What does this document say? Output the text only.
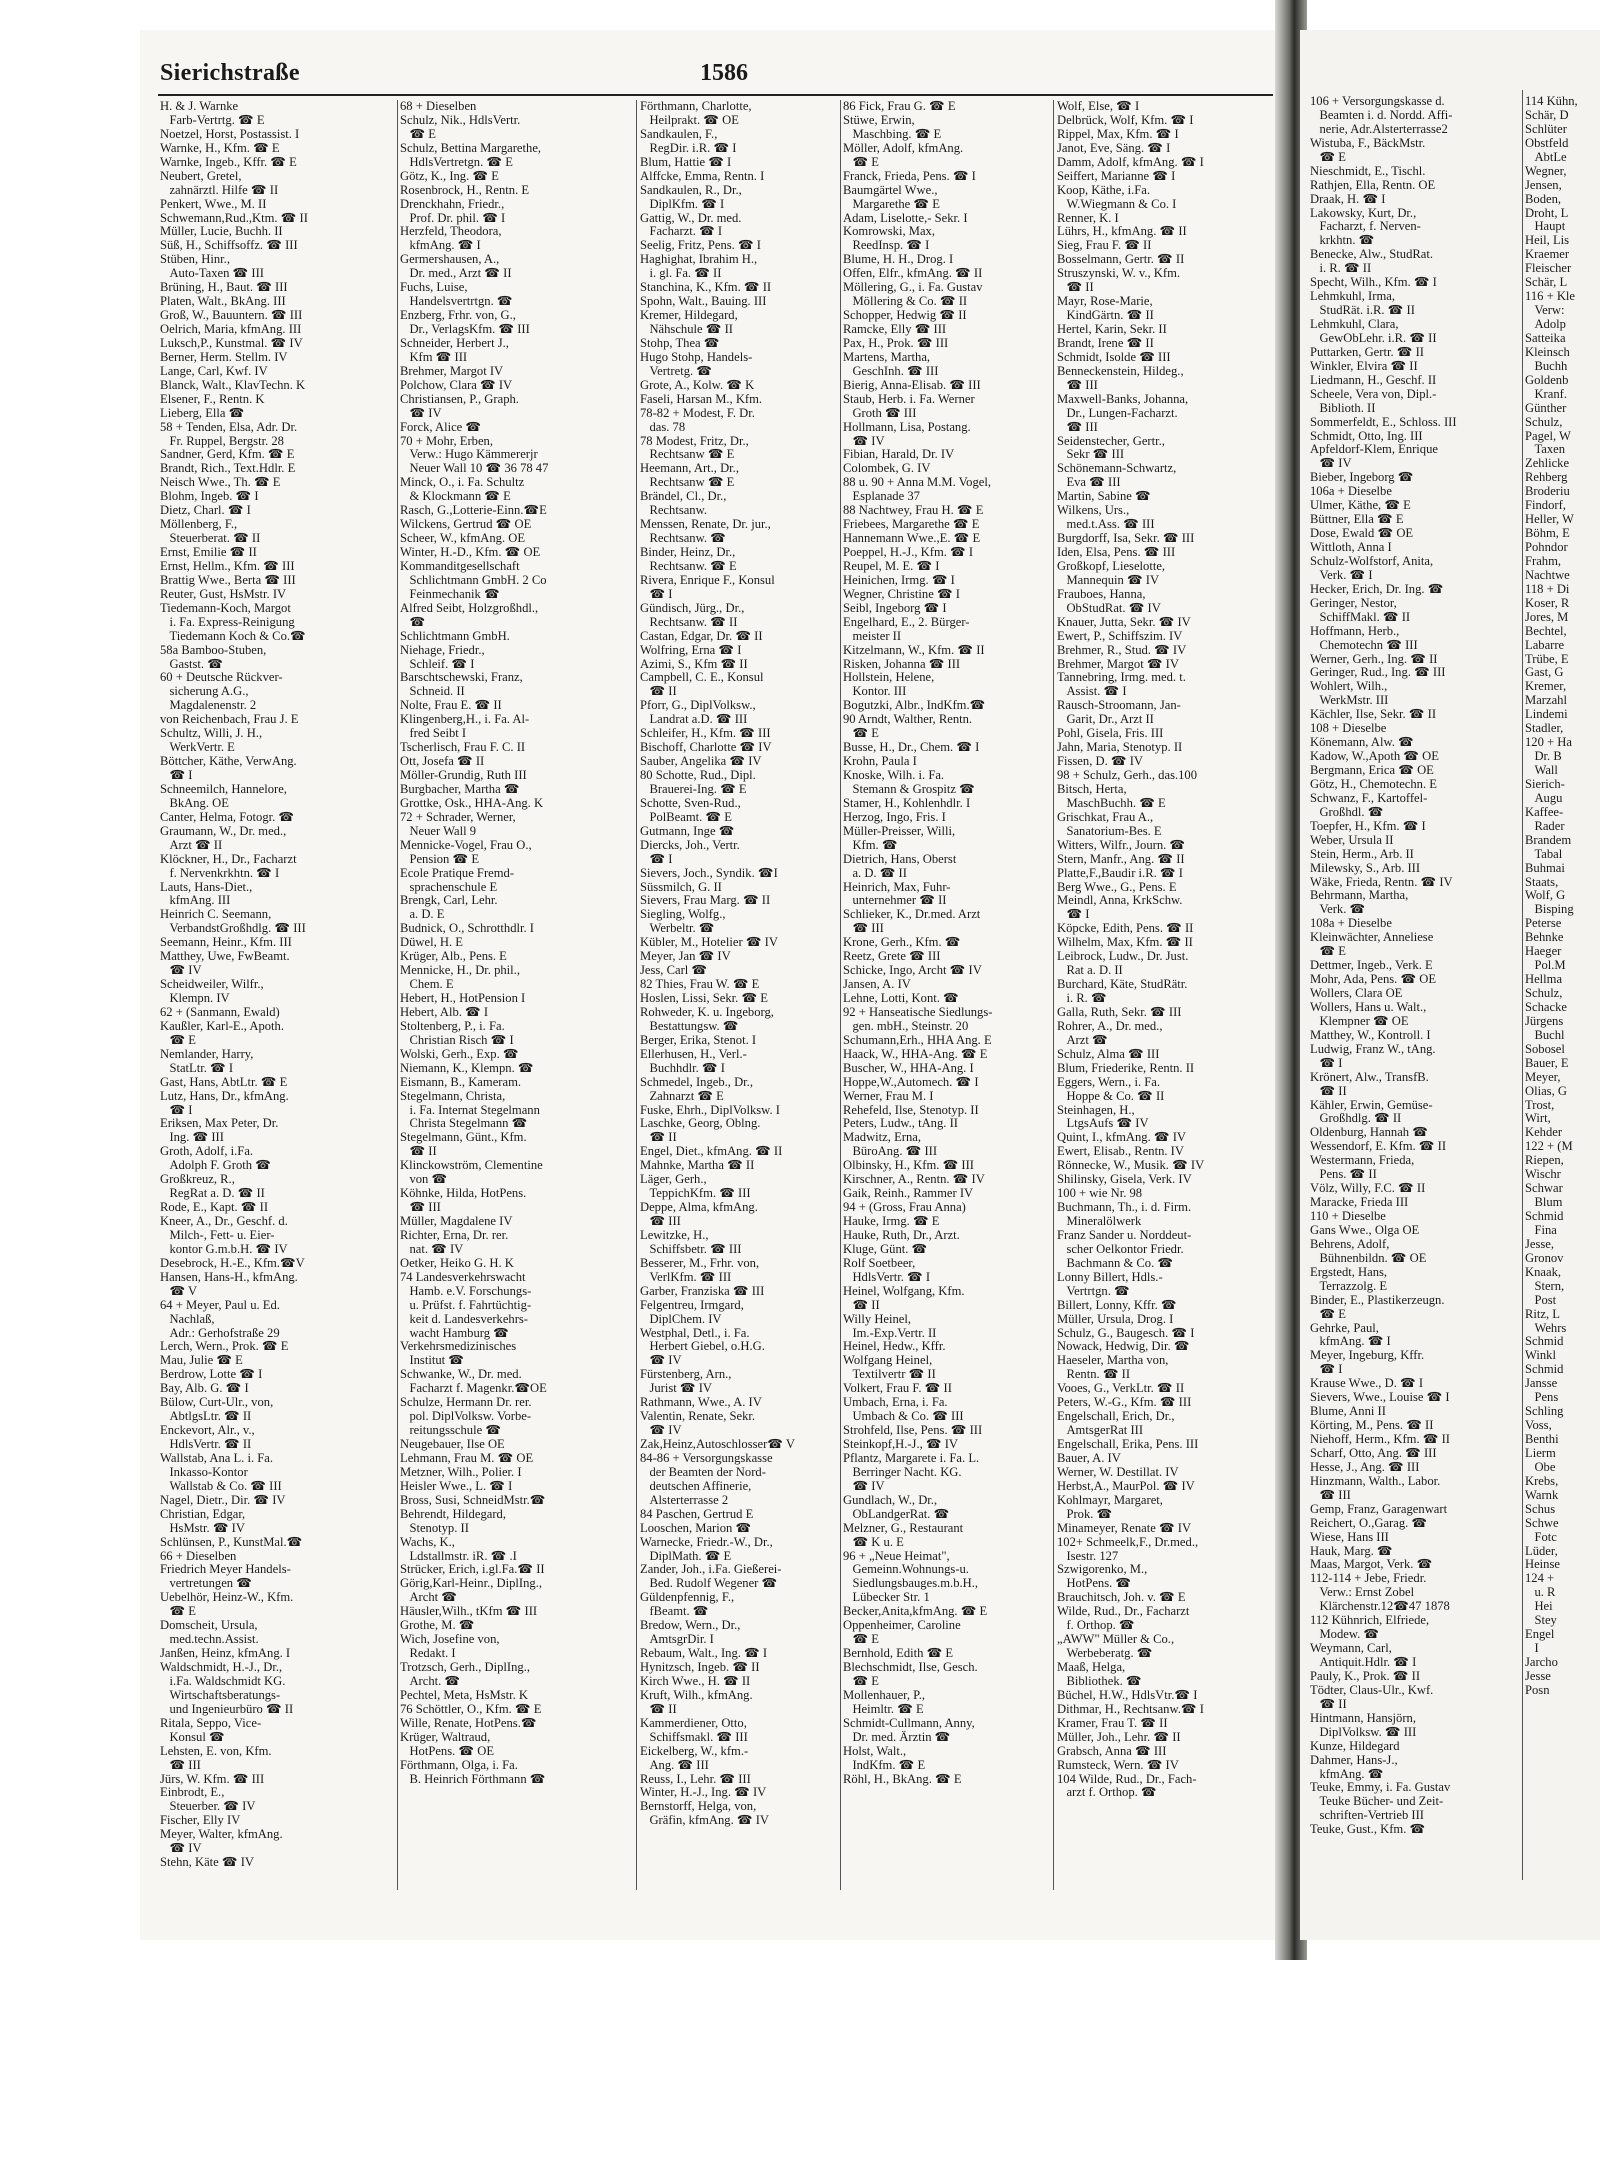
Sierichstraße	1586
H. & J. Warnke
Farb-Vertrtg. ☎ E
Noetzel, Horst, Postassist. I
Warnke, H., Kfm. ☎ E
Warnke, Ingeb., Kffr. ☎ E
Neubert, Gretel,
zahnärztl. Hilfe ☎ II
Penkert, Wwe., M. II
Schwemann,Rud.,Ktm. ☎ II
Müller, Lucie, Buchh. II
Süß, H., Schiffsoffz. ☎ III
Stüben, Hinr.,
Auto-Taxen ☎ III
Brüning, H., Baut. ☎ III
Platen, Walt., BkAng. III
Groß, W., Bauuntern. ☎ III
Oelrich, Maria, kfmAng. III
Luksch,P., Kunstmal. ☎ IV
Berner, Herm. Stellm. IV
Lange, Carl, Kwf. IV
Blanck, Walt., KlavTechn. K
Elsener, F., Rentn. K
Lieberg, Ella ☎
58 + Tenden, Elsa, Adr. Dr.
Fr. Ruppel, Bergstr. 28
Sandner, Gerd, Kfm. ☎ E
Brandt, Rich., Text.Hdlr. E
Neisch Wwe., Th. ☎ E
Blohm, Ingeb. ☎ I
Dietz, Charl. ☎ I
Möllenberg, F.,
Steuerberat. ☎ II
Ernst, Emilie ☎ II
Ernst, Hellm., Kfm. ☎ III
Brattig Wwe., Berta ☎ III
Reuter, Gust, HsMstr. IV
Tiedemann-Koch, Margot
i. Fa. Express-Reinigung
Tiedemann Koch & Co.☎
58a Bamboo-Stuben,
Gastst. ☎
60 + Deutsche Rückver-
sicherung A.G.,
Magdalenenstr. 2
von Reichenbach, Frau J. E
Schultz, Willi, J. H.,
WerkVertr. E
Böttcher, Käthe, VerwAng.
☎ I
Schneemilch, Hannelore,
BkAng. OE
Canter, Helma, Fotogr. ☎
Graumann, W., Dr. med.,
Arzt ☎ II
Klöckner, H., Dr., Facharzt
f. Nervenkrkhtn. ☎ I
Lauts, Hans-Diet.,
kfmAng. III
Heinrich C. Seemann,
VerbandstGroßhdlg. ☎ III
Seemann, Heinr., Kfm. III
Matthey, Uwe, FwBeamt.
☎ IV
Scheidweiler, Wilfr.,
Klempn. IV
62 + (Sanmann, Ewald)
Kaußler, Karl-E., Apoth.
☎ E
Nemlander, Harry,
StatLtr. ☎ I
Gast, Hans, AbtLtr. ☎ E
Lutz, Hans, Dr., kfmAng.
☎ I
Eriksen, Max Peter, Dr.
Ing. ☎ III
Groth, Adolf, i.Fa.
Adolph F. Groth ☎
Großkreuz, R.,
RegRat a. D. ☎ II
Rode, E., Kapt. ☎ II
Kneer, A., Dr., Geschf. d.
Milch-, Fett- u. Eier-
kontor G.m.b.H. ☎ IV
Desebrock, H.-E., Kfm.☎V
Hansen, Hans-H., kfmAng.
☎ V
64 + Meyer, Paul u. Ed.
Nachlaß,
Adr.: Gerhofstraße 29
Lerch, Wern., Prok. ☎ E
Mau, Julie ☎ E
Berdrow, Lotte ☎ I
Bay, Alb. G. ☎ I
Bülow, Curt-Ulr., von,
AbtlgsLtr. ☎ II
Enckevort, Alr., v.,
HdlsVertr. ☎ II
Wallstab, Ana L. i. Fa.
Inkasso-Kontor
Wallstab & Co. ☎ III
Nagel, Dietr., Dir. ☎ IV
Christian, Edgar,
HsMstr. ☎ IV
Schlünsen, P., KunstMal.☎
66 + Dieselben
Friedrich Meyer Handels-
vertretungen ☎
Uebelhör, Heinz-W., Kfm.
☎ E
Domscheit, Ursula,
med.techn.Assist.
Janßen, Heinz, kfmAng. I
Waldschmidt, H.-J., Dr.,
i.Fa. Waldschmidt KG.
Wirtschaftsberatungs-
und Ingenieurbüro ☎ II
Ritala, Seppo, Vice-
Konsul ☎
Lehsten, E. von, Kfm.
☎ III
Jürs, W. Kfm. ☎ III
Einbrodt, E.,
Steuerber. ☎ IV
Fischer, Elly IV
Meyer, Walter, kfmAng.
☎ IV
Stehn, Käte ☎ IV
68 + Dieselben
Schulz, Nik., HdlsVertr.
☎ E
Schulz, Bettina Margarethe,
HdlsVertretgn. ☎ E
Götz, K., Ing. ☎ E
Rosenbrock, H., Rentn. E
Drenckhahn, Friedr.,
Prof. Dr. phil. ☎ I
Herzfeld, Theodora,
kfmAng. ☎ I
Germershausen, A.,
Dr. med., Arzt ☎ II
Fuchs, Luise,
Handelsvertrtgn. ☎
Enzberg, Frhr. von, G.,
Dr., VerlagsKfm. ☎ III
Schneider, Herbert J.,
Kfm ☎ III
Brehmer, Margot IV
Polchow, Clara ☎ IV
Christiansen, P., Graph.
☎ IV
Forck, Alice ☎
70 + Mohr, Erben,
Verw.: Hugo Kämmererjr
Neuer Wall 10 ☎ 36 78 47
Minck, O., i. Fa. Schultz
& Klockmann ☎ E
Rasch, G.,Lotterie-Einn.☎E
Wilckens, Gertrud ☎ OE
Scheer, W., kfmAng. OE
Winter, H.-D., Kfm. ☎ OE
Kommanditgesellschaft
Schlichtmann GmbH. 2 Co
Feinmechanik ☎
Alfred Seibt, Holzgroßhdl.,
☎
Schlichtmann GmbH.
Niehage, Friedr.,
Schleif. ☎ I
Barschtschewski, Franz,
Schneid. II
Nolte, Frau E. ☎ II
Klingenberg,H., i. Fa. Al-
fred Seibt I
Tscherlisch, Frau F. C. II
Ott, Josefa ☎ II
Möller-Grundig, Ruth III
Burgbacher, Martha ☎
Grottke, Osk., HHA-Ang. K
72 + Schrader, Werner,
Neuer Wall 9
Mennicke-Vogel, Frau O.,
Pension ☎ E
Ecole Pratique Fremd-
sprachenschule E
Brengk, Carl, Lehr.
a. D. E
Budnick, O., Schrotthdlr. I
Düwel, H. E
Krüger, Alb., Pens. E
Mennicke, H., Dr. phil.,
Chem. E
Hebert, H., HotPension I
Hebert, Alb. ☎ I
Stoltenberg, P., i. Fa.
Christian Risch ☎ I
Wolski, Gerh., Exp. ☎
Niemann, K., Klempn. ☎
Eismann, B., Kameram.
Stegelmann, Christa,
i. Fa. Internat Stegelmann
Christa Stegelmann ☎
Stegelmann, Günt., Kfm.
☎ II
Klinckowström, Clementine
von ☎
Köhnke, Hilda, HotPens.
☎ III
Müller, Magdalene IV
Richter, Erna, Dr. rer.
nat. ☎ IV
Oetker, Heiko G. H. K
74 Landesverkehrswacht
Hamb. e.V. Forschungs-
u. Prüfst. f. Fahrtüchtig-
keit d. Landesverkehrs-
wacht Hamburg ☎
Verkehrsmedizinisches
Institut ☎
Schwanke, W., Dr. med.
Facharzt f. Magenkr.☎OE
Schulze, Hermann Dr. rer.
pol. DiplVolksw. Vorbe-
reitungsschule ☎
Neugebauer, Ilse OE
Lehmann, Frau M. ☎ OE
Metzner, Wilh., Polier. I
Heisler Wwe., L. ☎ I
Bross, Susi, SchneidMstr.☎
Behrendt, Hildegard,
Stenotyp. II
Wachs, K.,
Ldstallmstr. iR. ☎ .I
Strücker, Erich, i.gl.Fa.☎ II
Görig,Karl-Heinr., DiplIng.,
Archt ☎
Häusler,Wilh., tKfm ☎ III
Grothe, M. ☎
Wich, Josefine von,
Redakt. I
Trotzsch, Gerh., DiplIng.,
Archt. ☎
Pechtel, Meta, HsMstr. K
76 Schöttler, O., Kfm. ☎ E
Wille, Renate, HotPens.☎
Krüger, Waltraud,
HotPens. ☎ OE
Förthmann, Olga, i. Fa.
B. Heinrich Förthmann ☎
Förthmann, Charlotte,
Heilprakt. ☎ OE
Sandkaulen, F.,
RegDir. i.R. ☎ I
Blum, Hattie ☎ I
Alffcke, Emma, Rentn. I
Sandkaulen, R., Dr.,
DiplKfm. ☎ I
Gattig, W., Dr. med.
Facharzt. ☎ I
Seelig, Fritz, Pens. ☎ I
Haghighat, Ibrahim H.,
i. gl. Fa. ☎ II
Stanchina, K., Kfm. ☎ II
Spohn, Walt., Bauing. III
Kremer, Hildegard,
Nähschule ☎ II
Stohp, Thea ☎
Hugo Stohp, Handels-
Vertretg. ☎
Grote, A., Kolw. ☎ K
Faseli, Harsan M., Kfm.
78-82 + Modest, F. Dr.
das. 78
78 Modest, Fritz, Dr.,
Rechtsanw ☎ E
Heemann, Art., Dr.,
Rechtsanw ☎ E
Brändel, Cl., Dr.,
Rechtsanw.
Menssen, Renate, Dr. jur.,
Rechtsanw. ☎
Binder, Heinz, Dr.,
Rechtsanw. ☎ E
Rivera, Enrique F., Konsul
☎ I
Gündisch, Jürg., Dr.,
Rechtsanw. ☎ II
Castan, Edgar, Dr. ☎ II
Wolfring, Erna ☎ I
Azimi, S., Kfm ☎ II
Campbell, C. E., Konsul
☎ II
Pforr, G., DiplVolksw.,
Landrat a.D. ☎ III
Schleifer, H., Kfm. ☎ III
Bischoff, Charlotte ☎ IV
Sauber, Angelika ☎ IV
80 Schotte, Rud., Dipl.
Brauerei-Ing. ☎ E
Schotte, Sven-Rud.,
PolBeamt. ☎ E
Gutmann, Inge ☎
Diercks, Joh., Vertr.
☎ I
Sievers, Joch., Syndik. ☎I
Süssmilch, G. II
Sievers, Frau Marg. ☎ II
Siegling, Wolfg.,
Werbeltr. ☎
Kübler, M., Hotelier ☎ IV
Meyer, Jan ☎ IV
Jess, Carl ☎
82 Thies, Frau W. ☎ E
Hoslen, Lissi, Sekr. ☎ E
Rohweder, K. u. Ingeborg,
Bestattungsw. ☎
Berger, Erika, Stenot. I
Ellerhusen, H., Verl.-
Buchhdlr. ☎ I
Schmedel, Ingeb., Dr.,
Zahnarzt ☎ E
Fuske, Ehrh., DiplVolksw. I
Laschke, Georg, Oblng.
☎ II
Engel, Diet., kfmAng. ☎ II
Mahnke, Martha ☎ II
Läger, Gerh.,
TeppichKfm. ☎ III
Deppe, Alma, kfmAng.
☎ III
Lewitzke, H.,
Schiffsbetr. ☎ III
Besserer, M., Frhr. von,
VerlKfm. ☎ III
Garber, Franziska ☎ III
Felgentreu, Irmgard,
DiplChem. IV
Westphal, Detl., i. Fa.
Herbert Giebel, o.H.G.
☎ IV
Fürstenberg, Arn.,
Jurist ☎ IV
Rathmann, Wwe., A. IV
Valentin, Renate, Sekr.
☎ IV
Zak,Heinz,Autoschlosser☎ V
84-86 + Versorgungskasse
der Beamten der Nord-
deutschen Affinerie,
Alsterterrasse 2
84 Paschen, Gertrud E
Looschen, Marion ☎
Warnecke, Friedr.-W., Dr.,
DiplMath. ☎ E
Zander, Joh., i.Fa. Gießerei-
Bed. Rudolf Wegener ☎
Güldenpfennig, F.,
fBeamt. ☎
Bredow, Wern., Dr.,
AmtsgrDir. I
Rebaum, Walt., Ing. ☎ I
Hynitzsch, Ingeb. ☎ II
Kirch Wwe., H. ☎ II
Kruft, Wilh., kfmAng.
☎ II
Kammerdiener, Otto,
Schiffsmakl. ☎ III
Eickelberg, W., kfm.-
Ang. ☎ III
Reuss, I., Lehr. ☎ III
Winter, H.-J., Ing. ☎ IV
Bernstorff, Helga, von,
Gräfin, kfmAng. ☎ IV
86 Fick, Frau G. ☎ E
Stüwe, Erwin,
Maschbing. ☎ E
Möller, Adolf, kfmAng.
☎ E
Franck, Frieda, Pens. ☎ I
Baumgärtel Wwe.,
Margarethe ☎ E
Adam, Liselotte,- Sekr. I
Komrowski, Max,
ReedInsp. ☎ I
Blume, H. H., Drog. I
Offen, Elfr., kfmAng. ☎ II
Möllering, G., i. Fa. Gustav
Möllering & Co. ☎ II
Schopper, Hedwig ☎ II
Ramcke, Elly ☎ III
Pax, H., Prok. ☎ III
Martens, Martha,
GeschInh. ☎ III
Bierig, Anna-Elisab. ☎ III
Staub, Herb. i. Fa. Werner
Groth ☎ III
Hollmann, Lisa, Postang.
☎ IV
Fibian, Harald, Dr. IV
Colombek, G. IV
88 u. 90 + Anna M.M. Vogel,
Esplanade 37
88 Nachtwey, Frau H. ☎ E
Friebees, Margarethe ☎ E
Hannemann Wwe.,E. ☎ E
Poeppel, H.-J., Kfm. ☎ I
Reupel, M. E. ☎ I
Heinichen, Irmg. ☎ I
Wegner, Christine ☎ I
Seibl, Ingeborg ☎ I
Engelhard, E., 2. Bürger-
meister II
Kitzelmann, W., Kfm. ☎ II
Risken, Johanna ☎ III
Hollstein, Helene,
Kontor. III
Bogutzki, Albr., IndKfm.☎
90 Arndt, Walther, Rentn.
☎ E
Busse, H., Dr., Chem. ☎ I
Krohn, Paula I
Knoske, Wilh. i. Fa.
Stemann & Grospitz ☎
Stamer, H., Kohlenhdlr. I
Herzog, Ingo, Fris. I
Müller-Preisser, Willi,
Kfm. ☎
Dietrich, Hans, Oberst
a. D. ☎ II
Heinrich, Max, Fuhr-
unternehmer ☎ II
Schlieker, K., Dr.med. Arzt
☎ III
Krone, Gerh., Kfm. ☎
Reetz, Grete ☎ III
Schicke, Ingo, Archt ☎ IV
Jansen, A. IV
Lehne, Lotti, Kont. ☎
92 + Hanseatische Siedlungs-
gen. mbH., Steinstr. 20
Schumann,Erh., HHA Ang. E
Haack, W., HHA-Ang. ☎ E
Buscher, W., HHA-Ang. I
Hoppe,W.,Automech. ☎ I
Werner, Frau M. I
Rehefeld, Ilse, Stenotyp. II
Peters, Ludw., tAng. II
Madwitz, Erna,
BüroAng. ☎ III
Olbinsky, H., Kfm. ☎ III
Kirschner, A., Rentn. ☎ IV
Gaik, Reinh., Rammer IV
94 + (Gross, Frau Anna)
Hauke, Irmg. ☎ E
Hauke, Ruth, Dr., Arzt.
Kluge, Günt. ☎
Rolf Soetbeer,
HdlsVertr. ☎ I
Heinel, Wolfgang, Kfm.
☎ II
Willy Heinel,
Im.-Exp.Vertr. II
Heinel, Hedw., Kffr.
Wolfgang Heinel,
Textilvertr ☎ II
Volkert, Frau F. ☎ II
Umbach, Erna, i. Fa.
Umbach & Co. ☎ III
Strohfeld, Ilse, Pens. ☎ III
Steinkopf,H.-J., ☎ IV
Pflantz, Margarete i. Fa. L.
Berringer Nacht. KG.
☎ IV
Gundlach, W., Dr.,
ObLandgerRat. ☎
Melzner, G., Restaurant
☎ K u. E
96 + „Neue Heimat",
Gemeinn.Wohnungs-u.
Siedlungsbauges.m.b.H.,
Lübecker Str. 1
Becker,Anita,kfmAng. ☎ E
Oppenheimer, Caroline
☎ E
Bernhold, Edith ☎ E
Blechschmidt, Ilse, Gesch.
☎ E
Mollenhauer, P.,
Heimltr. ☎ E
Schmidt-Cullmann, Anny,
Dr. med. Ärztin ☎
Holst, Walt.,
IndKfm. ☎ E
Röhl, H., BkAng. ☎ E
Wolf, Else, ☎ I
Delbrück, Wolf, Kfm. ☎ I
Rippel, Max, Kfm. ☎ I
Janot, Eve, Säng. ☎ I
Damm, Adolf, kfmAng. ☎ I
Seiffert, Marianne ☎ I
Koop, Käthe, i.Fa.
W.Wiegmann & Co. I
Renner, K. I
Lührs, H., kfmAng. ☎ II
Sieg, Frau F. ☎ II
Bosselmann, Gertr. ☎ II
Struszynski, W. v., Kfm.
☎ II
Mayr, Rose-Marie,
KindGärtn. ☎ II
Hertel, Karin, Sekr. II
Brandt, Irene ☎ II
Schmidt, Isolde ☎ III
Benneckenstein, Hildeg.,
☎ III
Maxwell-Banks, Johanna,
Dr., Lungen-Facharzt.
☎ III
Seidenstecher, Gertr.,
Sekr ☎ III
Schönemann-Schwartz,
Eva ☎ III
Martin, Sabine ☎
Wilkens, Urs.,
med.t.Ass. ☎ III
Burgdorff, Isa, Sekr. ☎ III
Iden, Elsa, Pens. ☎ III
Großkopf, Lieselotte,
Mannequin ☎ IV
Frauboes, Hanna,
ObStudRat. ☎ IV
Knauer, Jutta, Sekr. ☎ IV
Ewert, P., Schiffszim. IV
Brehmer, R., Stud. ☎ IV
Brehmer, Margot ☎ IV
Tannebring, Irmg. med. t.
Assist. ☎ I
Rausch-Stroomann, Jan-
Garit, Dr., Arzt II
Pohl, Gisela, Fris. III
Jahn, Maria, Stenotyp. II
Fissen, D. ☎ IV
98 + Schulz, Gerh., das.100
Bitsch, Herta,
MaschBuchh. ☎ E
Grischkat, Frau A.,
Sanatorium-Bes. E
Witters, Wilfr., Journ. ☎
Stern, Manfr., Ang. ☎ II
Platte,F.,Baudir i.R. ☎ I
Berg Wwe., G., Pens. E
Meindl, Anna, KrkSchw.
☎ I
Köpcke, Edith, Pens. ☎ II
Wilhelm, Max, Kfm. ☎ II
Leibrock, Ludw., Dr. Just.
Rat a. D. II
Burchard, Käte, StudRätr.
i. R. ☎
Galla, Ruth, Sekr. ☎ III
Rohrer, A., Dr. med.,
Arzt ☎
Schulz, Alma ☎ III
Blum, Friederike, Rentn. II
Eggers, Wern., i. Fa.
Hoppe & Co. ☎ II
Steinhagen, H.,
LtgsAufs ☎ IV
Quint, I., kfmAng. ☎ IV
Ewert, Elisab., Rentn. IV
Rönnecke, W., Musik. ☎ IV
Shilinsky, Gisela, Verk. IV
100 + wie Nr. 98
Buchmann, Th., i. d. Firm.
Mineralölwerk
Franz Sander u. Norddeut-
scher Oelkontor Friedr.
Bachmann & Co. ☎
Lonny Billert, Hdls.-
Vertrtgn. ☎
Billert, Lonny, Kffr. ☎
Müller, Ursula, Drog. I
Schulz, G., Baugesch. ☎ I
Nowack, Hedwig, Dir. ☎
Haeseler, Martha von,
Rentn. ☎ II
Vooes, G., VerkLtr. ☎ II
Peters, W.-G., Kfm. ☎ III
Engelschall, Erich, Dr.,
AmtsgerRat III
Engelschall, Erika, Pens. III
Bauer, A. IV
Werner, W. Destillat. IV
Herbst,A., MaurPol. ☎ IV
Kohlmayr, Margaret,
Prok. ☎
Minameyer, Renate ☎ IV
102+ Schmeelk,F., Dr.med.,
Isestr. 127
Szwigorenko, M.,
HotPens. ☎
Brauchitsch, Joh. v. ☎ E
Wilde, Rud., Dr., Facharzt
f. Orthop. ☎
„AWW" Müller & Co.,
Werbeberatg. ☎
Maaß, Helga,
Bibliothek. ☎
Büchel, H.W., HdlsVtr.☎ I
Dithmar, H., Rechtsanw.☎ I
Kramer, Frau T. ☎ II
Müller, Joh., Lehr. ☎ II
Grabsch, Anna ☎ III
Rumsteck, Wern. ☎ IV
104 Wilde, Rud., Dr., Fach-
arzt f. Orthop. ☎
106 + Versorgungskasse d.
Beamten i. d. Nordd. Affi-
nerie, Adr.Alsterterrasse2
Wistuba, F., BäckMstr.
☎ E
Nieschmidt, E., Tischl.
Rathjen, Ella, Rentn. OE
Draak, H. ☎ I
Lakowsky, Kurt, Dr.,
Facharzt, f. Nerven-
krkhtn. ☎
Benecke, Alw., StudRat.
i. R. ☎ II
Specht, Wilh., Kfm. ☎ I
Lehmkuhl, Irma,
StudRät. i.R. ☎ II
Lehmkuhl, Clara,
GewObLehr. i.R. ☎ II
Puttarken, Gertr. ☎ II
Winkler, Elvira ☎ II
Liedmann, H., Geschf. II
Scheele, Vera von, Dipl.-
Biblioth. II
Sommerfeldt, E., Schloss. III
Schmidt, Otto, Ing. III
Apfeldorf-Klem, Enrique
☎ IV
Bieber, Ingeborg ☎
106a + Dieselbe
Ulmer, Käthe, ☎ E
Büttner, Ella ☎ E
Dose, Ewald ☎ OE
Wittloth, Anna I
Schulz-Wolfstorf, Anita,
Verk. ☎ I
Hecker, Erich, Dr. Ing. ☎
Geringer, Nestor,
SchiffMakl. ☎ II
Hoffmann, Herb.,
Chemotechn ☎ III
Werner, Gerh., Ing. ☎ II
Geringer, Rud., Ing. ☎ III
Wohlert, Wilh.,
WerkMstr. III
Kächler, Ilse, Sekr. ☎ II
108 + Dieselbe
Könemann, Alw. ☎
Kadow, W.,Apoth ☎ OE
Bergmann, Erica ☎ OE
Götz, H., Chemotechn. E
Schwanz, F., Kartoffel-
Großhdl. ☎
Toepfer, H., Kfm. ☎ I
Weber, Ursula II
Stein, Herm., Arb. II
Milewsky, S., Arb. III
Wäke, Frieda, Rentn. ☎ IV
Behrmann, Martha,
Verk. ☎
108a + Dieselbe
Kleinwächter, Anneliese
☎ E
Dettmer, Ingeb., Verk. E
Mohr, Ada, Pens. ☎ OE
Wollers, Clara OE
Wollers, Hans u. Walt.,
Klempner ☎ OE
Matthey, W., Kontroll. I
Ludwig, Franz W., tAng.
☎ I
Krönert, Alw., TransfB.
☎ II
Kähler, Erwin, Gemüse-
Großhdlg. ☎ II
Oldenburg, Hannah ☎
Wessendorf, E. Kfm. ☎ II
Westermann, Frieda,
Pens. ☎ II
Völz, Willy, F.C. ☎ II
Maracke, Frieda III
110 + Dieselbe
Gans Wwe., Olga OE
Behrens, Adolf,
Bühnenbildn. ☎ OE
Ergstedt, Hans,
Terrazzolg. E
Binder, E., Plastikerzeugn.
☎ E
Gehrke, Paul,
kfmAng. ☎ I
Meyer, Ingeburg, Kffr.
☎ I
Krause Wwe., D. ☎ I
Sievers, Wwe., Louise ☎ I
Blume, Anni II
Körting, M., Pens. ☎ II
Niehoff, Herm., Kfm. ☎ II
Scharf, Otto, Ang. ☎ III
Hesse, J., Ang. ☎ III
Hinzmann, Walth., Labor.
☎ III
Gemp, Franz, Garagenwart
Reichert, O.,Garag. ☎
Wiese, Hans III
Hauk, Marg. ☎
Maas, Margot, Verk. ☎
112-114 + Jebe, Friedr.
Verw.: Ernst Zobel
Klärchenstr.12☎47 1878
112 Kühnrich, Elfriede,
Modew. ☎
Weymann, Carl,
Antiquit.Hdlr. ☎ I
Pauly, K., Prok. ☎ II
Tödter, Claus-Ulr., Kwf.
☎ II
Hintmann, Hansjörn,
DiplVolksw. ☎ III
Kunze, Hildegard
Dahmer, Hans-J.,
kfmAng. ☎
Teuke, Emmy, i. Fa. Gustav
Teuke Bücher- und Zeit-
schriften-Vertrieb III
Teuke, Gust., Kfm. ☎
114 Kühn,
Schär, D
Schlüter
Obstfeld
AbtLe
Wegner,
Jensen,
Boden,
Droht, L
Haupt
Heil, Lis
Kraemer
Fleischer
Schär, L
116 + Kle
Verw:
Adolp
Satteika
Kleinsch
Buchh
Goldenb
Kranf.
Günther
Schulz,
Pagel, W
Taxen
Zehlicke
Rehberg
Broderiu
Findorf,
Heller, W
Böhm, E
Pohndor
Frahm,
Nachtwe
118 + Di
Koser, R
Jores, M
Bechtel,
Labarre
Trübe, E
Gast, G
Kremer,
Marzahl
Lindemi
Stadler,
120 + Ha
Dr. B
Wall
Sierich-
Augu
Kaffee-
Rader
Brandem
Tabal
Buhmai
Staats,
Wolf, G
Bisping
Peterse
Behnke
Haeger
Pol.M
Hellma
Schulz,
Schacke
Jürgens
Buchl
Sobosel
Bauer, E
Meyer,
Olias, G
Trost,
Wirt,
Kehder
122 + (M
Riepen,
Wischr
Schwar
Blum
Schmid
Fina
Jesse,
Gronov
Knaak,
Stern,
Post
Ritz, L
Wehrs
Schmid
Winkl
Schmid
Jansse
Pens
Schling
Voss,
Benthi
Lierm
Obe
Krebs,
Warnk
Schus
Schwe
Fotc
Lüder,
Heinse
124 +
u. R
Hei
Stey
Engel
I
Jarcho
Jesse
Posn
